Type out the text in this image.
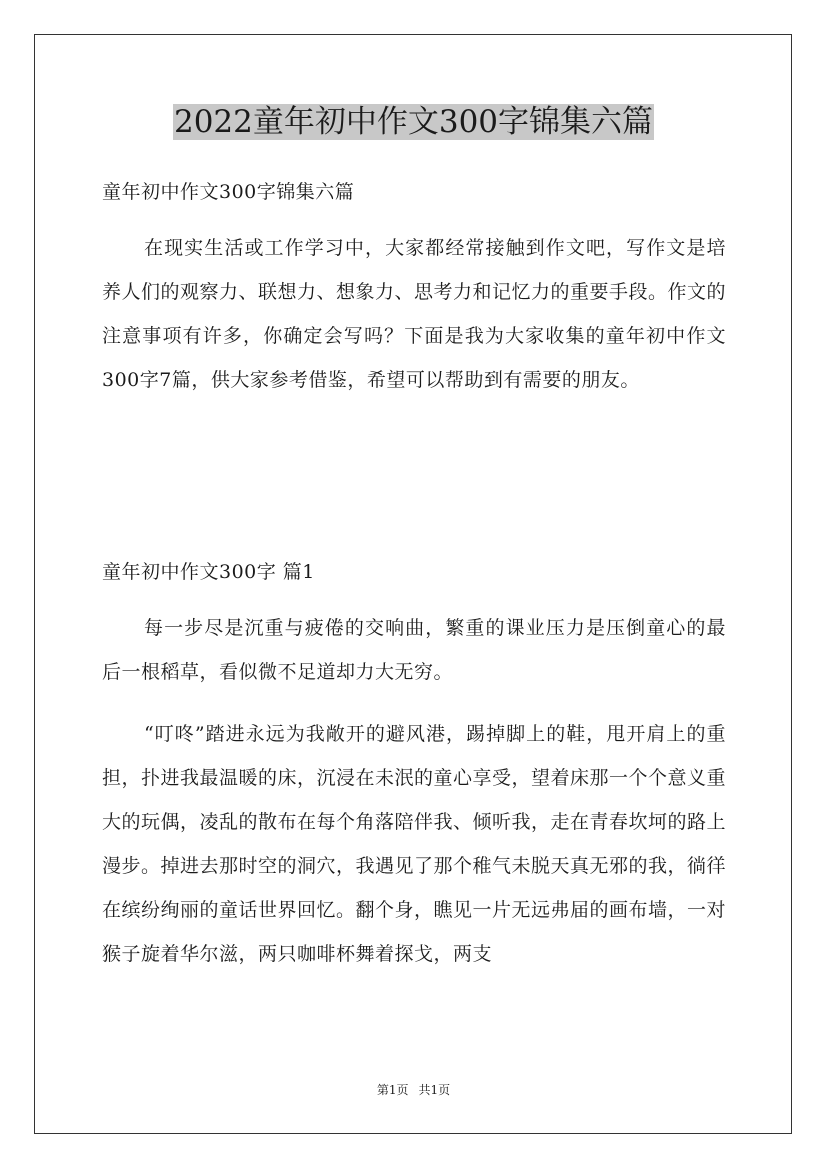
2022童年初中作文300字锦集六篇

童年初中作文300字锦集六篇

在现实生活或工作学习中，大家都经常接触到作文吧，写作文是培养人们的观察力、联想力、想象力、思考力和记忆力的重要手段。作文的注意事项有许多，你确定会写吗？下面是我为大家收集的童年初中作文300字7篇，供大家参考借鉴，希望可以帮助到有需要的朋友。

童年初中作文300字 篇1

每一步尽是沉重与疲倦的交响曲，繁重的课业压力是压倒童心的最后一根稻草，看似微不足道却力大无穷。

“叮咚”踏进永远为我敞开的避风港，踢掉脚上的鞋，甩开肩上的重担，扑进我最温暖的床，沉浸在未泯的童心享受，望着床那一个个意义重大的玩偶，凌乱的散布在每个角落陪伴我、倾听我，走在青春坎坷的路上漫步。掉进去那时空的洞穴，我遇见了那个稚气未脱天真无邪的我，徜徉在缤纷绚丽的童话世界回忆。翻个身，瞧见一片无远弗届的画布墙，一对猴子旋着华尔滋，两只咖啡杯舞着探戈，两支

第1页 共1页
